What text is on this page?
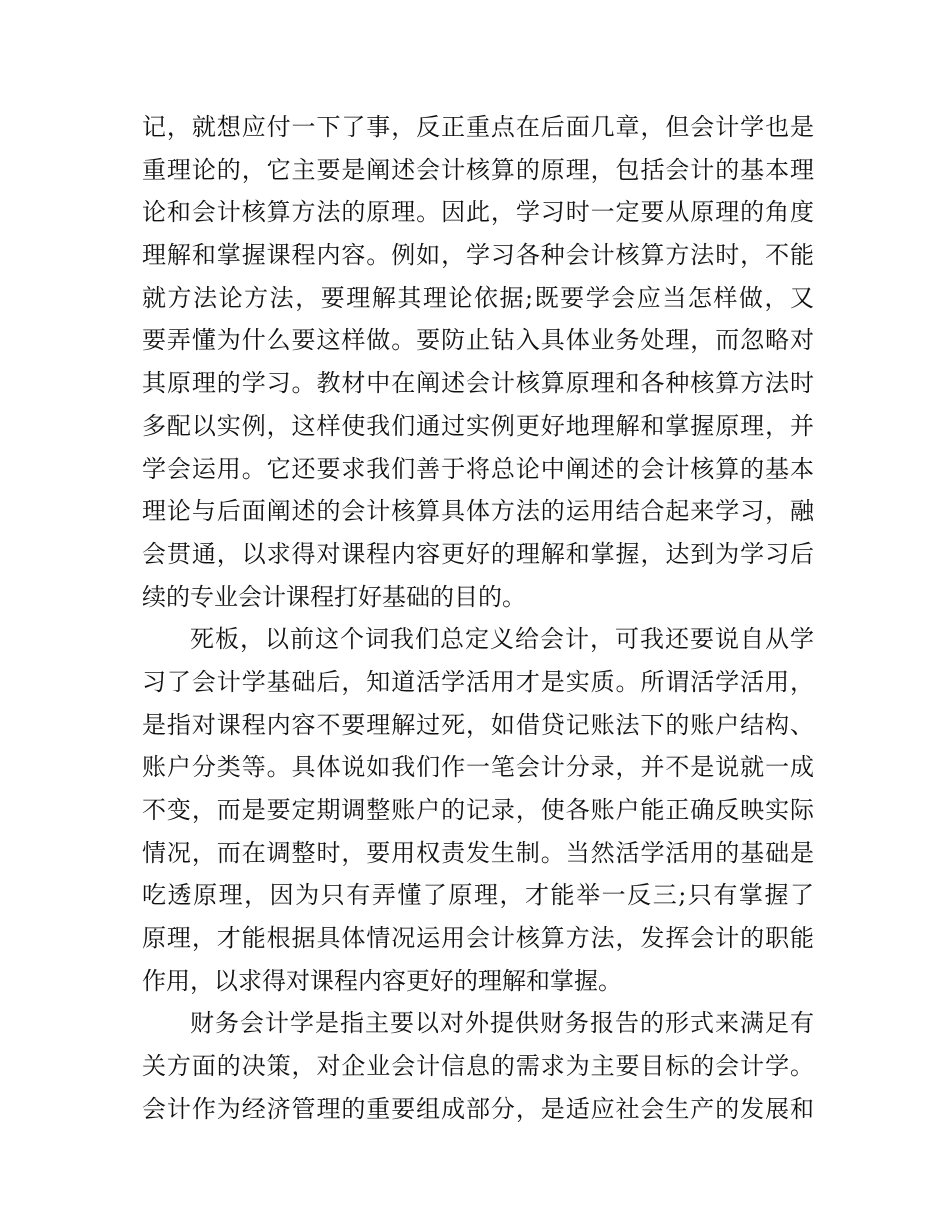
记，就想应付一下了事，反正重点在后面几章，但会计学也是
重理论的，它主要是阐述会计核算的原理，包括会计的基本理
论和会计核算方法的原理。因此，学习时一定要从原理的角度
理解和掌握课程内容。例如，学习各种会计核算方法时，不能
就方法论方法，要理解其理论依据;既要学会应当怎样做，又
要弄懂为什么要这样做。要防止钻入具体业务处理，而忽略对
其原理的学习。教材中在阐述会计核算原理和各种核算方法时
多配以实例，这样使我们通过实例更好地理解和掌握原理，并
学会运用。它还要求我们善于将总论中阐述的会计核算的基本
理论与后面阐述的会计核算具体方法的运用结合起来学习，融
会贯通，以求得对课程内容更好的理解和掌握，达到为学习后
续的专业会计课程打好基础的目的。
死板，以前这个词我们总定义给会计，可我还要说自从学
习了会计学基础后，知道活学活用才是实质。所谓活学活用，
是指对课程内容不要理解过死，如借贷记账法下的账户结构、
账户分类等。具体说如我们作一笔会计分录，并不是说就一成
不变，而是要定期调整账户的记录，使各账户能正确反映实际
情况，而在调整时，要用权责发生制。当然活学活用的基础是
吃透原理，因为只有弄懂了原理，才能举一反三;只有掌握了
原理，才能根据具体情况运用会计核算方法，发挥会计的职能
作用，以求得对课程内容更好的理解和掌握。
财务会计学是指主要以对外提供财务报告的形式来满足有
关方面的决策，对企业会计信息的需求为主要目标的会计学。
会计作为经济管理的重要组成部分，是适应社会生产的发展和
